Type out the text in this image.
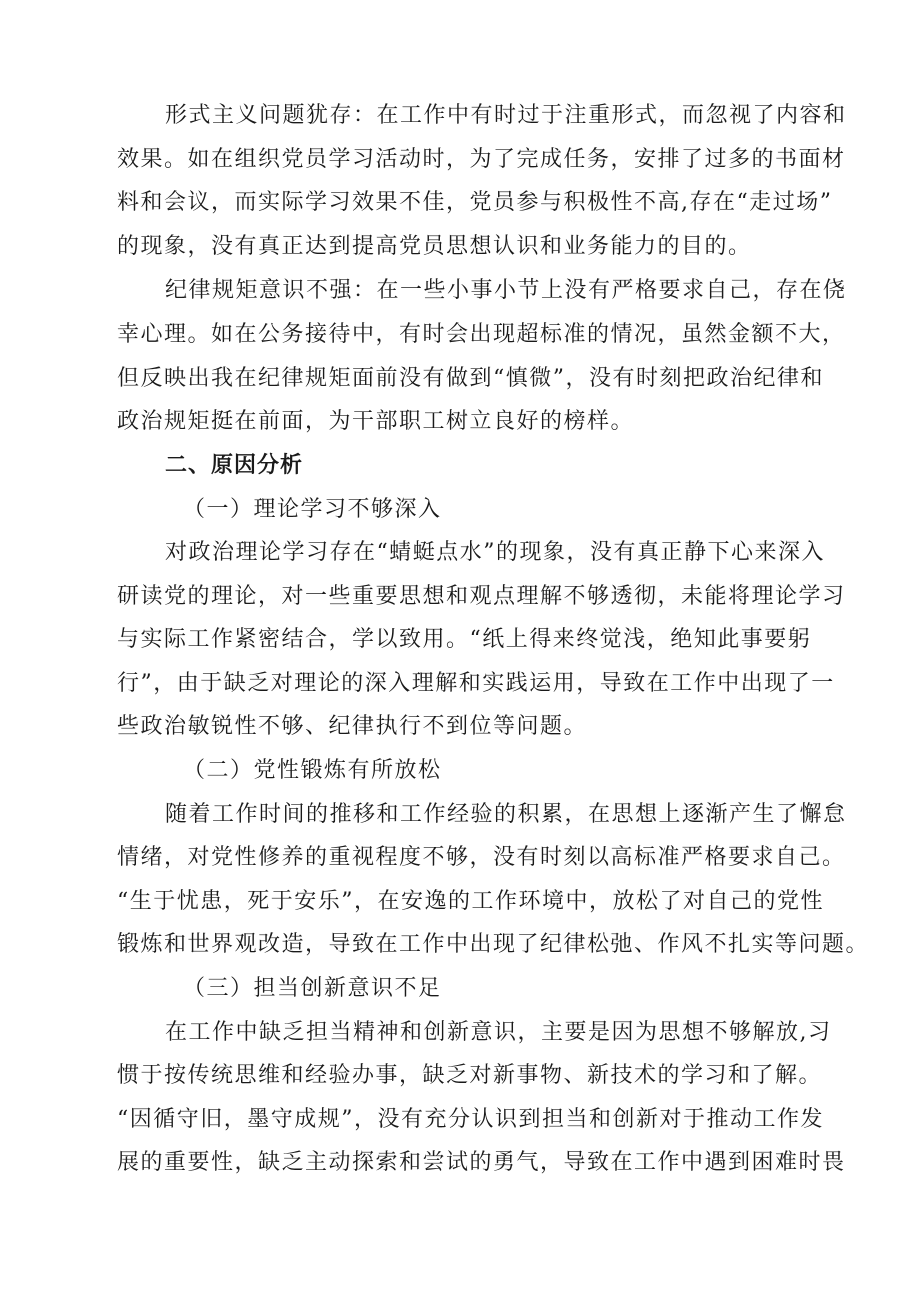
形式主义问题犹存：在工作中有时过于注重形式，而忽视了内容和
效果。如在组织党员学习活动时，为了完成任务，安排了过多的书面材
料和会议，而实际学习效果不佳，党员参与积极性不高,存在“走过场”
的现象，没有真正达到提高党员思想认识和业务能力的目的。
纪律规矩意识不强：在一些小事小节上没有严格要求自己，存在侥
幸心理。如在公务接待中，有时会出现超标准的情况，虽然金额不大，
但反映出我在纪律规矩面前没有做到“慎微”，没有时刻把政治纪律和
政治规矩挺在前面，为干部职工树立良好的榜样。
二、原因分析
（一）理论学习不够深入
对政治理论学习存在“蜻蜓点水”的现象，没有真正静下心来深入
研读党的理论，对一些重要思想和观点理解不够透彻，未能将理论学习
与实际工作紧密结合，学以致用。“纸上得来终觉浅，绝知此事要躬
行”，由于缺乏对理论的深入理解和实践运用，导致在工作中出现了一
些政治敏锐性不够、纪律执行不到位等问题。
（二）党性锻炼有所放松
随着工作时间的推移和工作经验的积累，在思想上逐渐产生了懈怠
情绪，对党性修养的重视程度不够，没有时刻以高标准严格要求自己。
“生于忧患，死于安乐”，在安逸的工作环境中，放松了对自己的党性
锻炼和世界观改造，导致在工作中出现了纪律松弛、作风不扎实等问题。
（三）担当创新意识不足
在工作中缺乏担当精神和创新意识，主要是因为思想不够解放,习
惯于按传统思维和经验办事，缺乏对新事物、新技术的学习和了解。
“因循守旧，墨守成规”，没有充分认识到担当和创新对于推动工作发
展的重要性，缺乏主动探索和尝试的勇气，导致在工作中遇到困难时畏
